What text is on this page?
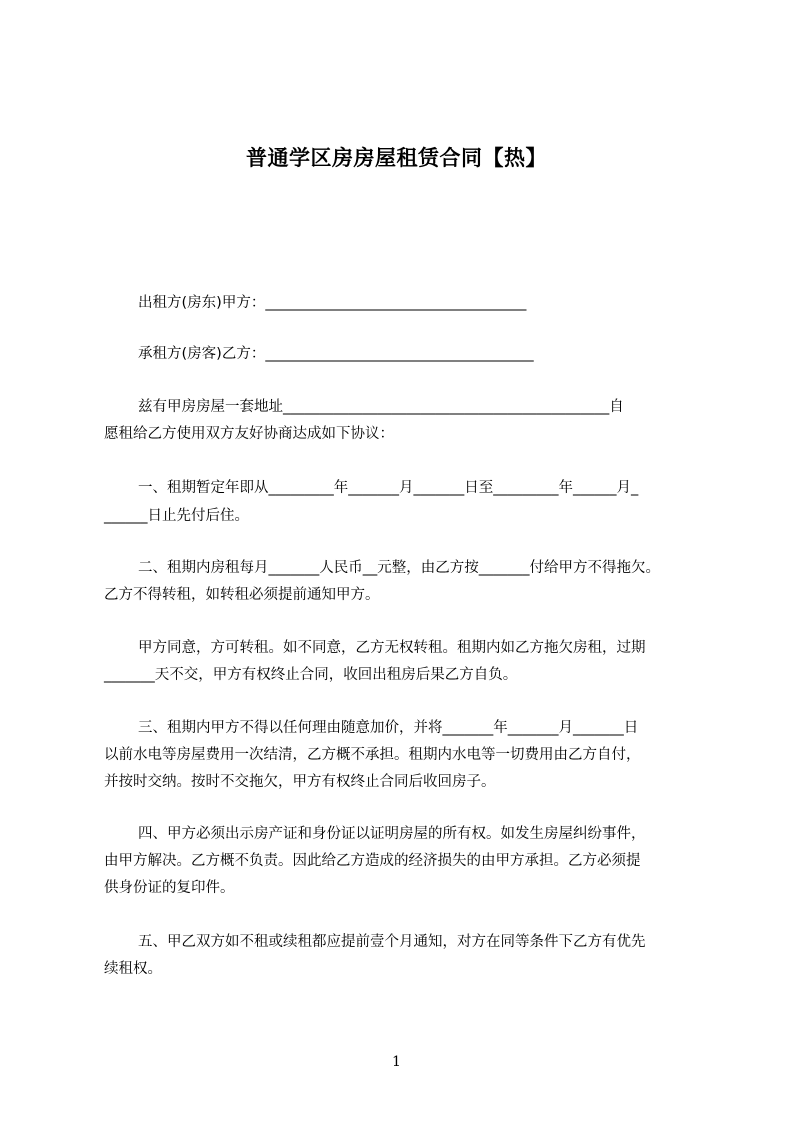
普通学区房房屋租赁合同【热】
出租方(房东)甲方：____________________________________
承租方(房客)乙方：_____________________________________
兹有甲房房屋一套地址_____________________________________________自
愿租给乙方使用双方友好协商达成如下协议：
一、租期暂定年即从_________年_______月_______日至_________年______月_
______日止先付后住。
二、租期内房租每月_______人民币__元整，由乙方按_______付给甲方不得拖欠。
乙方不得转租，如转租必须提前通知甲方。
甲方同意，方可转租。如不同意，乙方无权转租。租期内如乙方拖欠房租，过期
_______天不交，甲方有权终止合同，收回出租房后果乙方自负。
三、租期内甲方不得以任何理由随意加价，并将_______年_______月_______日
以前水电等房屋费用一次结清，乙方概不承担。租期内水电等一切费用由乙方自付，
并按时交纳。按时不交拖欠，甲方有权终止合同后收回房子。
四、甲方必须出示房产证和身份证以证明房屋的所有权。如发生房屋纠纷事件，
由甲方解决。乙方概不负责。因此给乙方造成的经济损失的由甲方承担。乙方必须提
供身份证的复印件。
五、甲乙双方如不租或续租都应提前壹个月通知，对方在同等条件下乙方有优先
续租权。
1
